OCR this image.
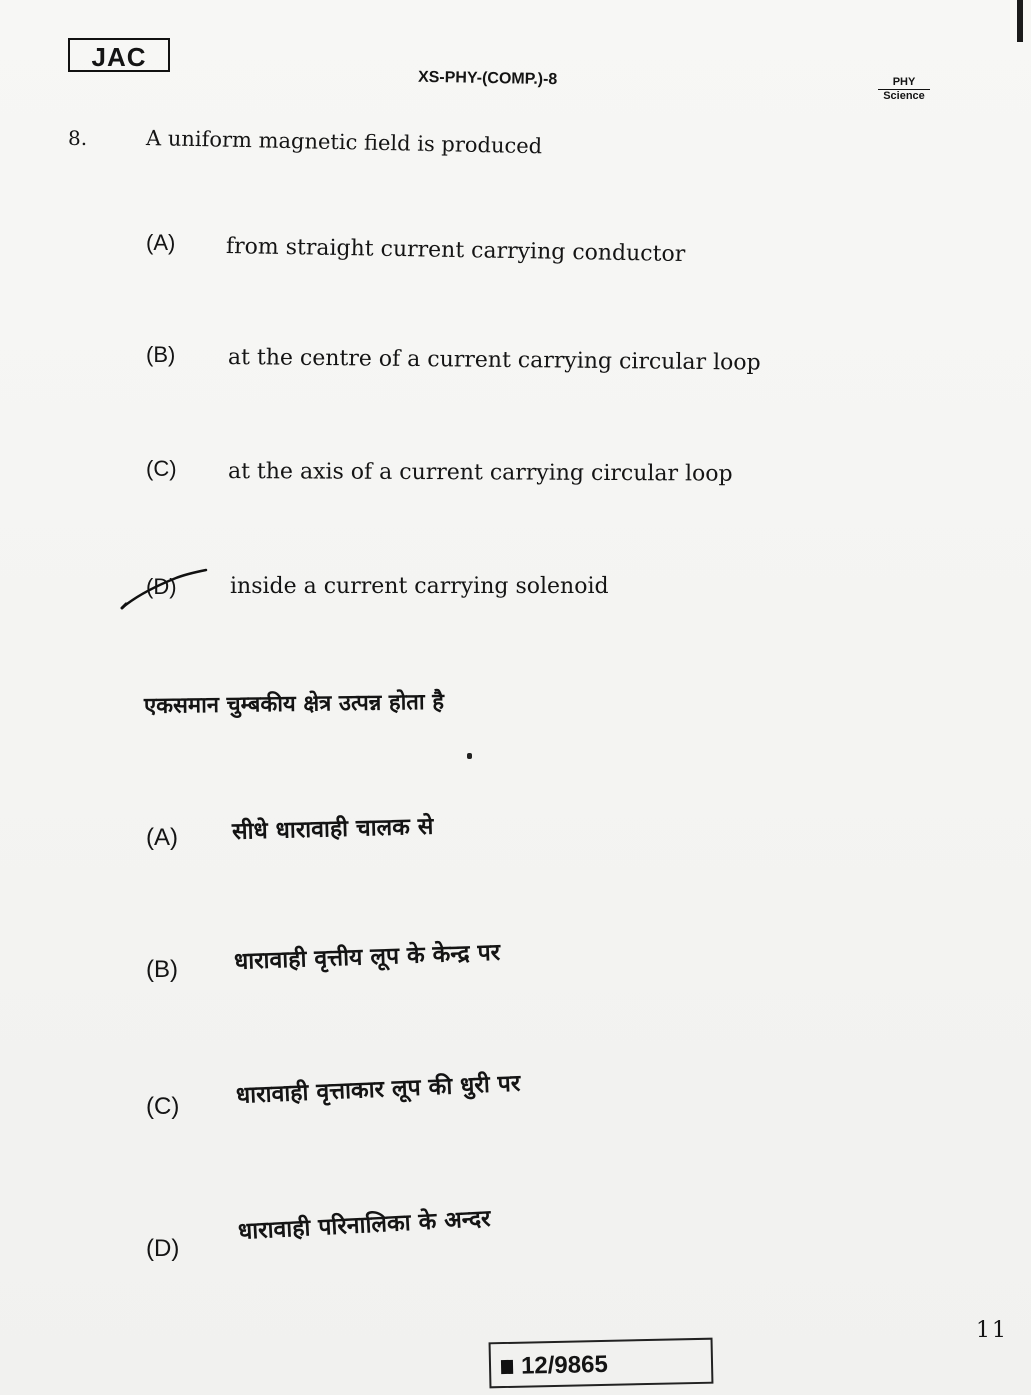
JAC
XS-PHY-(COMP.)-8	PHY
Science
8.	A uniform magnetic field is produced
(A) from straight current carrying conductor
(B) at the centre of a current carrying circular loop
(C) at the axis of a current carrying circular loop
(D) inside a current carrying solenoid
एकसमान चुम्बकीय क्षेत्र उत्पन्न होता है
(A) सीधे धारावाही चालक से
(B) धारावाही वृत्तीय लूप के केन्द्र पर
(C) धारावाही वृत्ताकार लूप की धुरी पर
(D)
धारावाही परिनालिका के अन्दर
11
12/9865
